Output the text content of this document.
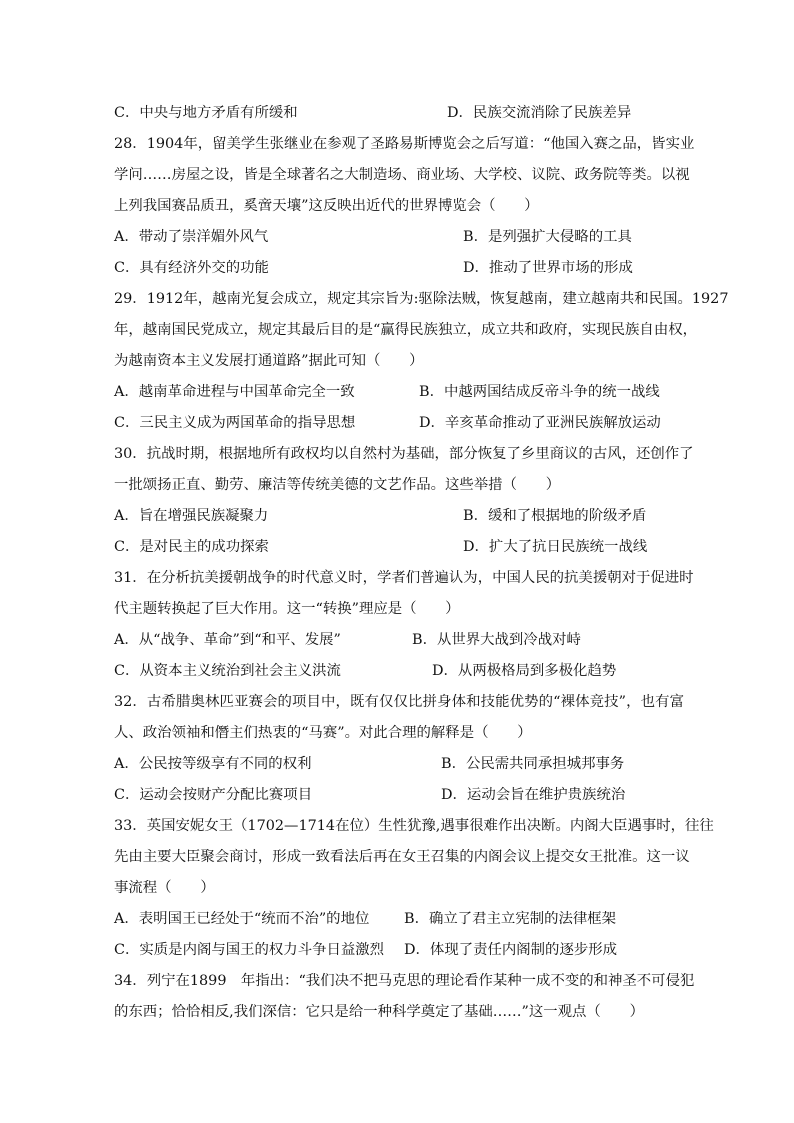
C．中央与地方矛盾有所缓和	D．民族交流消除了民族差异
28．1904年，留美学生张继业在参观了圣路易斯博览会之后写道：“他国入赛之品，皆实业
学问……房屋之设，皆是全球著名之大制造场、商业场、大学校、议院、政务院等类。以视
上列我国赛品质丑，奚啻天壤”这反映出近代的世界博览会（　　）
A．带动了崇洋媚外风气	B．是列强扩大侵略的工具
C．具有经济外交的功能	D．推动了世界市场的形成
29．1912年，越南光复会成立，规定其宗旨为:驱除法贼，恢复越南，建立越南共和民国。1927
年，越南国民党成立，规定其最后目的是“赢得民族独立，成立共和政府，实现民族自由权，
为越南资本主义发展打通道路”据此可知（　　）
A．越南革命进程与中国革命完全一致	B．中越两国结成反帝斗争的统一战线
C．三民主义成为两国革命的指导思想	D．辛亥革命推动了亚洲民族解放运动
30．抗战时期，根据地所有政权均以自然村为基础，部分恢复了乡里商议的古风，还创作了
一批颂扬正直、勤劳、廉洁等传统美德的文艺作品。这些举措（　　）
A．旨在增强民族凝聚力	B．缓和了根据地的阶级矛盾
C．是对民主的成功探索	D．扩大了抗日民族统一战线
31．在分析抗美援朝战争的时代意义时，学者们普遍认为，中国人民的抗美援朝对于促进时
代主题转换起了巨大作用。这一“转换”理应是（　　）
A．从“战争、革命”到“和平、发展”	B．从世界大战到冷战对峙
C．从资本主义统治到社会主义洪流	D．从两极格局到多极化趋势
32．古希腊奥林匹亚赛会的项目中，既有仅仅比拼身体和技能优势的“裸体竞技”，也有富
人、政治领袖和僭主们热衷的“马赛”。对此合理的解释是（　　）
A．公民按等级享有不同的权利	B．公民需共同承担城邦事务
C．运动会按财产分配比赛项目	D．运动会旨在维护贵族统治
33．英国安妮女王（1702—1714在位）生性犹豫,遇事很难作出决断。内阁大臣遇事时，往往
先由主要大臣聚会商讨，形成一致看法后再在女王召集的内阁会议上提交女王批准。这一议
事流程（　　）
A．表明国王已经处于“统而不治”的地位 B．确立了君主立宪制的法律框架
C．实质是内阁与国王的权力斗争日益激烈 D．体现了责任内阁制的逐步形成
34．列宁在1899　年指出：“我们决不把马克思的理论看作某种一成不变的和神圣不可侵犯
的东西；恰恰相反,我们深信：它只是给一种科学奠定了基础……”这一观点（　　）
